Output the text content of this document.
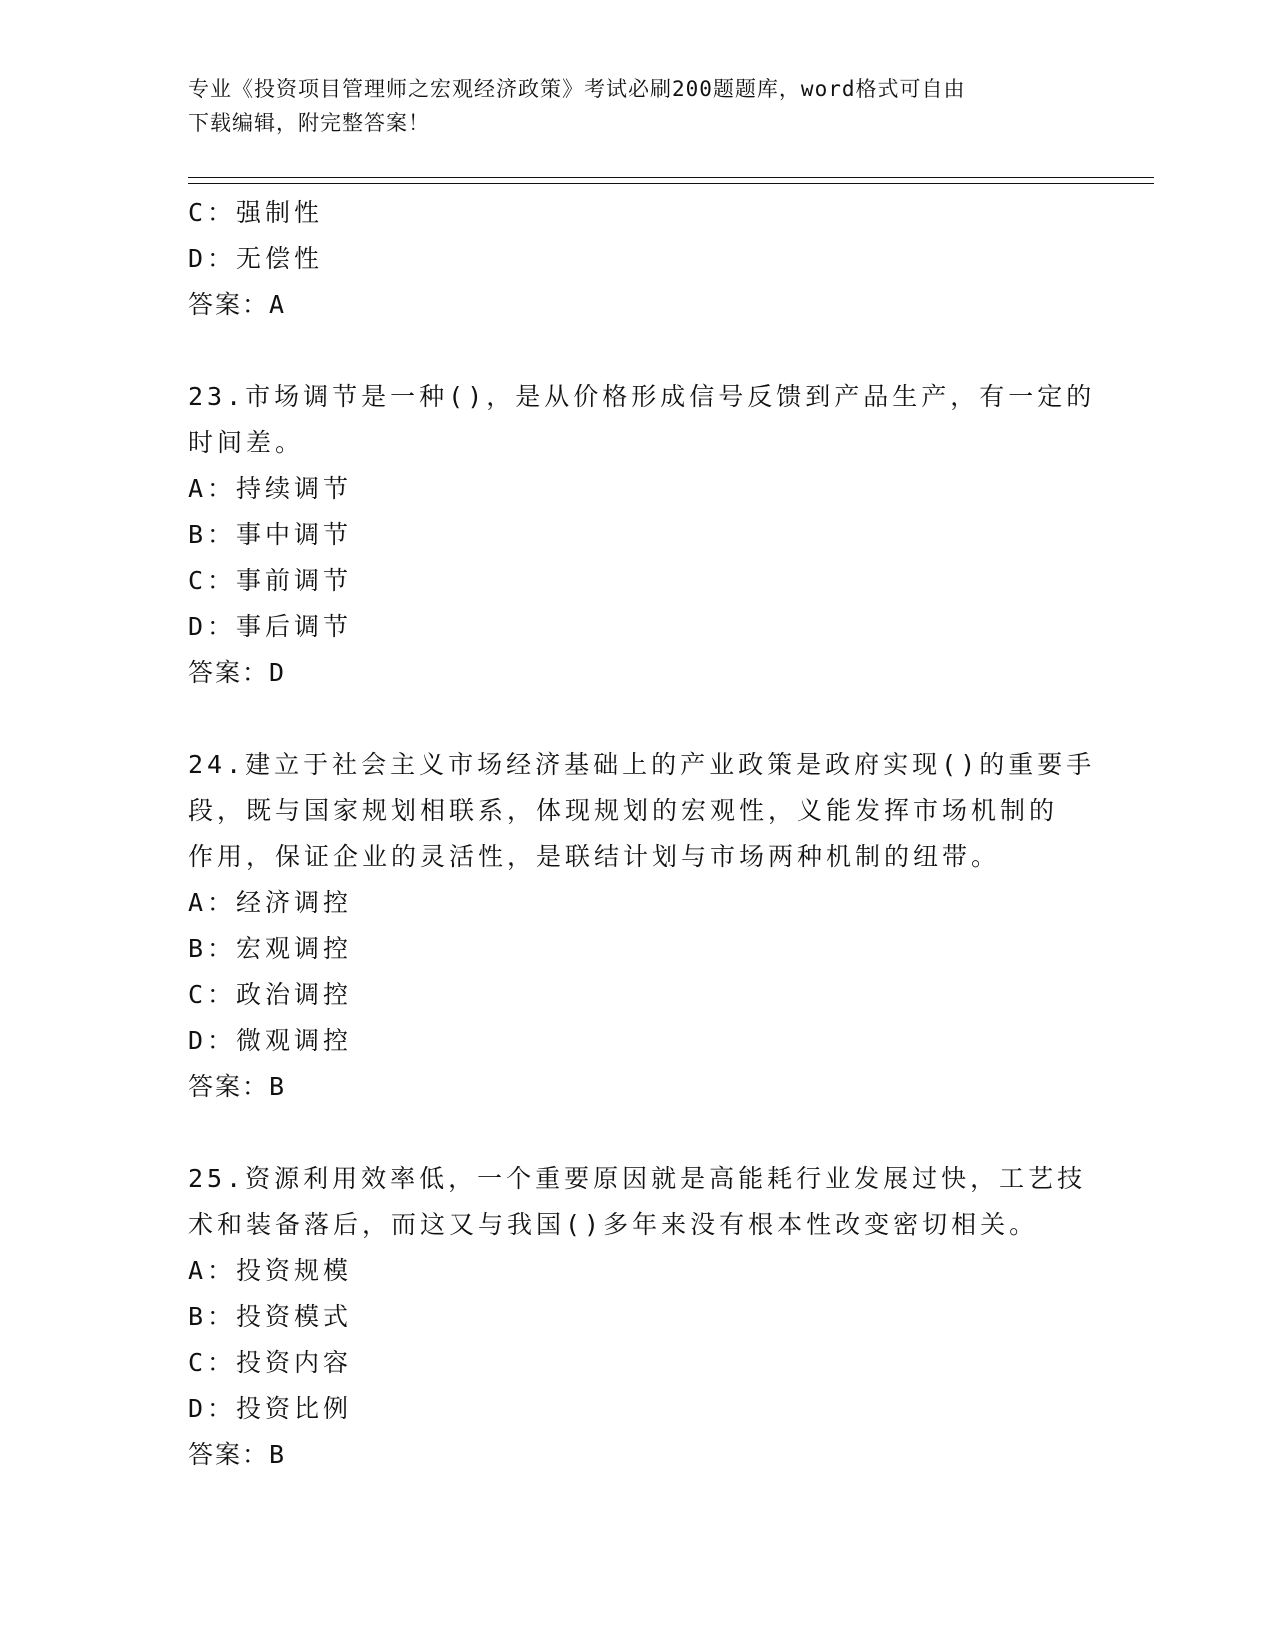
专业《投资项目管理师之宏观经济政策》考试必刷200题题库，word格式可自由
下载编辑，附完整答案！
C：强制性
D：无偿性
答案：A
23.市场调节是一种()，是从价格形成信号反馈到产品生产，有一定的
时间差。
A：持续调节
B：事中调节
C：事前调节
D：事后调节
答案：D
24.建立于社会主义市场经济基础上的产业政策是政府实现()的重要手
段，既与国家规划相联系，体现规划的宏观性，义能发挥市场机制的
作用，保证企业的灵活性，是联结计划与市场两种机制的纽带。
A：经济调控
B：宏观调控
C：政治调控
D：微观调控
答案：B
25.资源利用效率低，一个重要原因就是高能耗行业发展过快，工艺技
术和装备落后，而这又与我国()多年来没有根本性改变密切相关。
A：投资规模
B：投资模式
C：投资内容
D：投资比例
答案：B
